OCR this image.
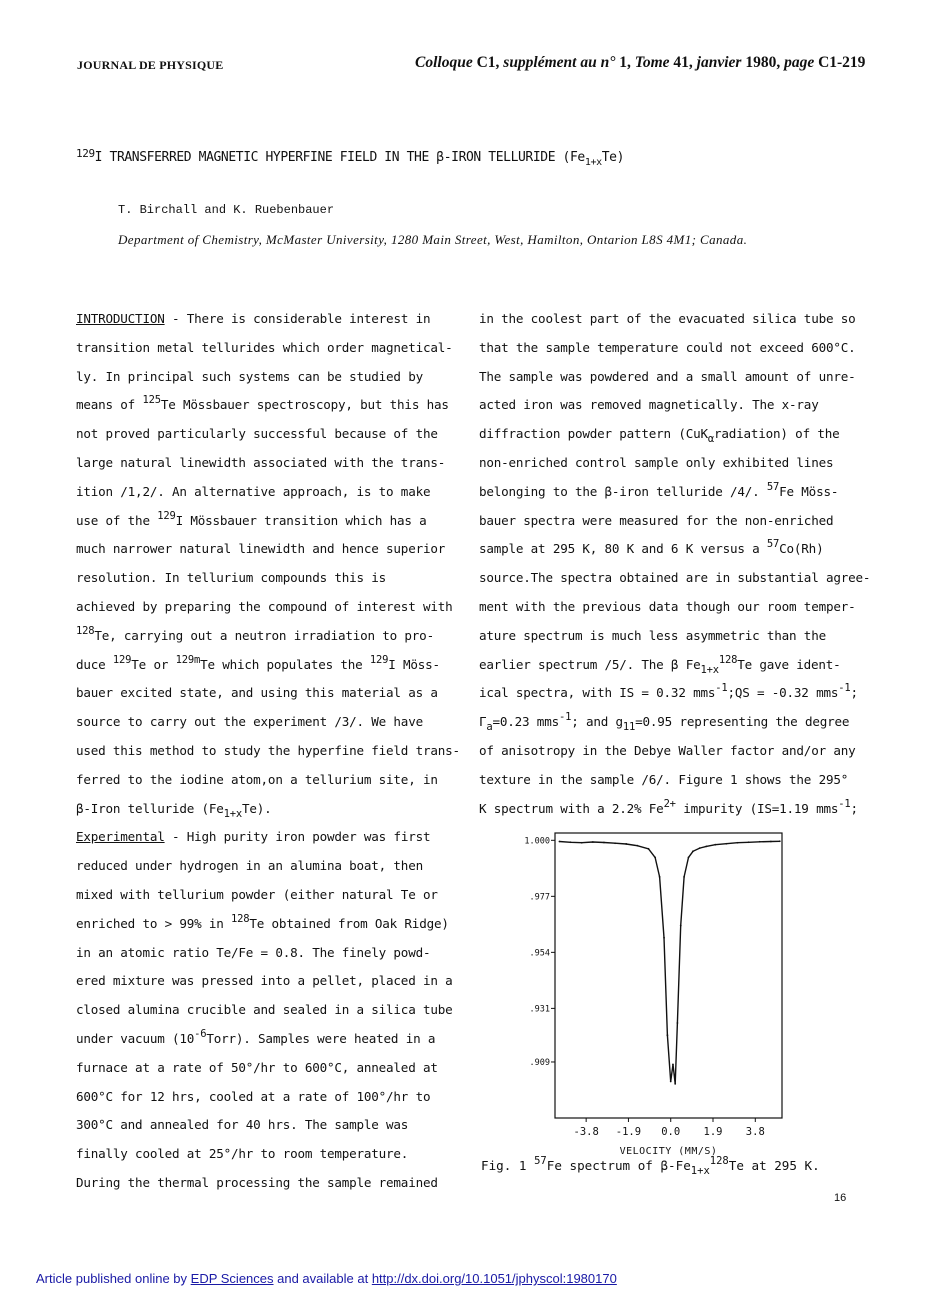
JOURNAL DE PHYSIQUE	Colloque C1, supplément au n° 1, Tome 41, janvier 1980, page C1-219
$^{129}$I TRANSFERRED MAGNETIC HYPERFINE FIELD IN THE β-IRON TELLURIDE $(Fe_{1+x}Te)$
T. Birchall and K. Ruebenbauer
Department of Chemistry, McMaster University, 1280 Main Street, West, Hamilton, Ontarion L8S 4M1; Canada.
INTRODUCTION - There is considerable interest in
transition metal tellurides which order magnetical-
ly. In principal such systems can be studied by
means of $^{125}$Te Mössbauer spectroscopy, but this has
not proved particularly successful because of the
large natural linewidth associated with the trans-
ition /1,2/. An alternative approach, is to make
use of the $^{129}$I Mössbauer transition which has a
much narrower natural linewidth and hence superior
resolution. In tellurium compounds this is
achieved by preparing the compound of interest with
$^{128}$Te, carrying out a neutron irradiation to pro-
duce $^{129}$Te or $^{129m}$Te which populates the $^{129}$I Möss-
bauer excited state, and using this material as a
source to carry out the experiment /3/. We have
used this method to study the hyperfine field trans-
ferred to the iodine atom,on a tellurium site, in
β-Iron telluride $(Fe_{1+x}Te)$.
Experimental - High purity iron powder was first
reduced under hydrogen in an alumina boat, then
mixed with tellurium powder (either natural Te or
enriched to > 99% in $^{128}$Te obtained from Oak Ridge)
in an atomic ratio Te/Fe = 0.8. The finely powd-
ered mixture was pressed into a pellet, placed in a
closed alumina crucible and sealed in a silica tube
under vacuum $(10^{-6}Torr)$. Samples were heated in a
furnace at a rate of 50°/hr to 600°C, annealed at
600°C for 12 hrs, cooled at a rate of 100°/hr to
300°C and annealed for 40 hrs. The sample was
finally cooled at 25°/hr to room temperature.
During the thermal processing the sample remained
in the coolest part of the evacuated silica tube so
that the sample temperature could not exceed 600°C.
The sample was powdered and a small amount of unre-
acted iron was removed magnetically. The x-ray
diffraction powder pattern (CuK$_\alpha$radiation) of the
non-enriched control sample only exhibited lines
belonging to the β-iron telluride /4/. $^{57}$Fe Möss-
bauer spectra were measured for the non-enriched
sample at 295 K, 80 K and 6 K versus a $^{57}$Co(Rh)
source.The spectra obtained are in substantial agree-
ment with the previous data though our room temper-
ature spectrum is much less asymmetric than the
earlier spectrum /5/. The β $Fe_{1+x}^{128}Te$ gave ident-
ical spectra, with IS = 0.32 mms$^{-1}$;QS = -0.32 mms$^{-1}$;
$\Gamma_a=0.23$ mms$^{-1}$; and $g_{11}=0.95$ representing the degree
of anisotropy in the Debye Waller factor and/or any
texture in the sample /6/. Figure 1 shows the 295°
K spectrum with a 2.2% $Fe^{2+}$ impurity (IS=1.19 mms$^{-1}$;
1.000
.977
.954
.931
.909
-3.8 -1.9 0.0 1.9 3.8
VELOCITY (MM/S)
Fig. 1 $^{57}$Fe spectrum of $\beta-Fe_{1+x}^{128}Te$ at 295 K.
16
Article published online by EDP Sciences and available at http://dx.doi.org/10.1051/jphyscol:1980170
